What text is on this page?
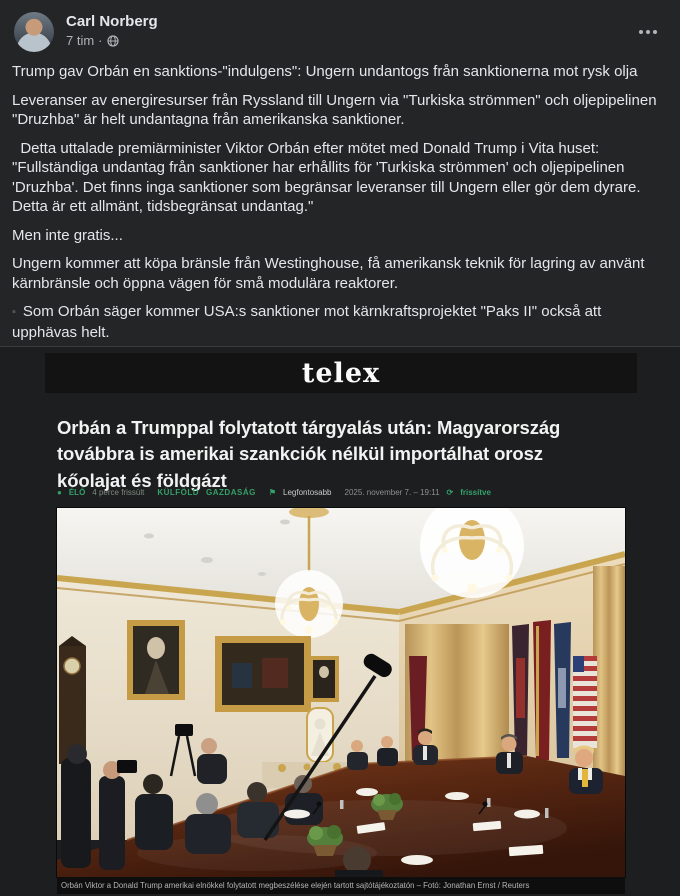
Carl Norberg
7 tim ·

Trump gav Orbán en sanktions-"indulgens": Ungern undantogs från sanktionerna mot rysk olja

Leveranser av energiresurser från Ryssland till Ungern via "Turkiska strömmen" och oljepipelinen "Druzhba" är helt undantagna från amerikanska sanktioner.

Detta uttalade premiärminister Viktor Orbán efter mötet med Donald Trump i Vita huset: "Fullständiga undantag från sanktioner har erhållits för 'Turkiska strömmen' och oljepipelinen 'Druzhba'. Det finns inga sanktioner som begränsar leveranser till Ungern eller gör dem dyrare. Detta är ett allmänt, tidsbegränsat undantag."

Men inte gratis...

Ungern kommer att köpa bränsle från Westinghouse, få amerikansk teknik för lagring av använt kärnbränsle och öppna vägen för små modulära reaktorer.

▪ Som Orbán säger kommer USA:s sanktioner mot kärnkraftsprojektet "Paks II" också att upphävas helt.

telex
Orbán a Trumppal folytatott tárgyalás után: Magyarország továbbra is amerikai szankciók nélkül importálhat orosz kőolajat és földgázt
● ÉLŐ 4 perce frissült KÜLFÖLD GAZDASÁG ⚑ Legfontosabb 2025. november 7. – 19:11 ⟳ frissítve
Orbán Viktor a Donald Trump amerikai elnökkel folytatott megbeszélése elején tartott sajtótájékoztatón – Fotó: Jonathan Ernst / Reuters
